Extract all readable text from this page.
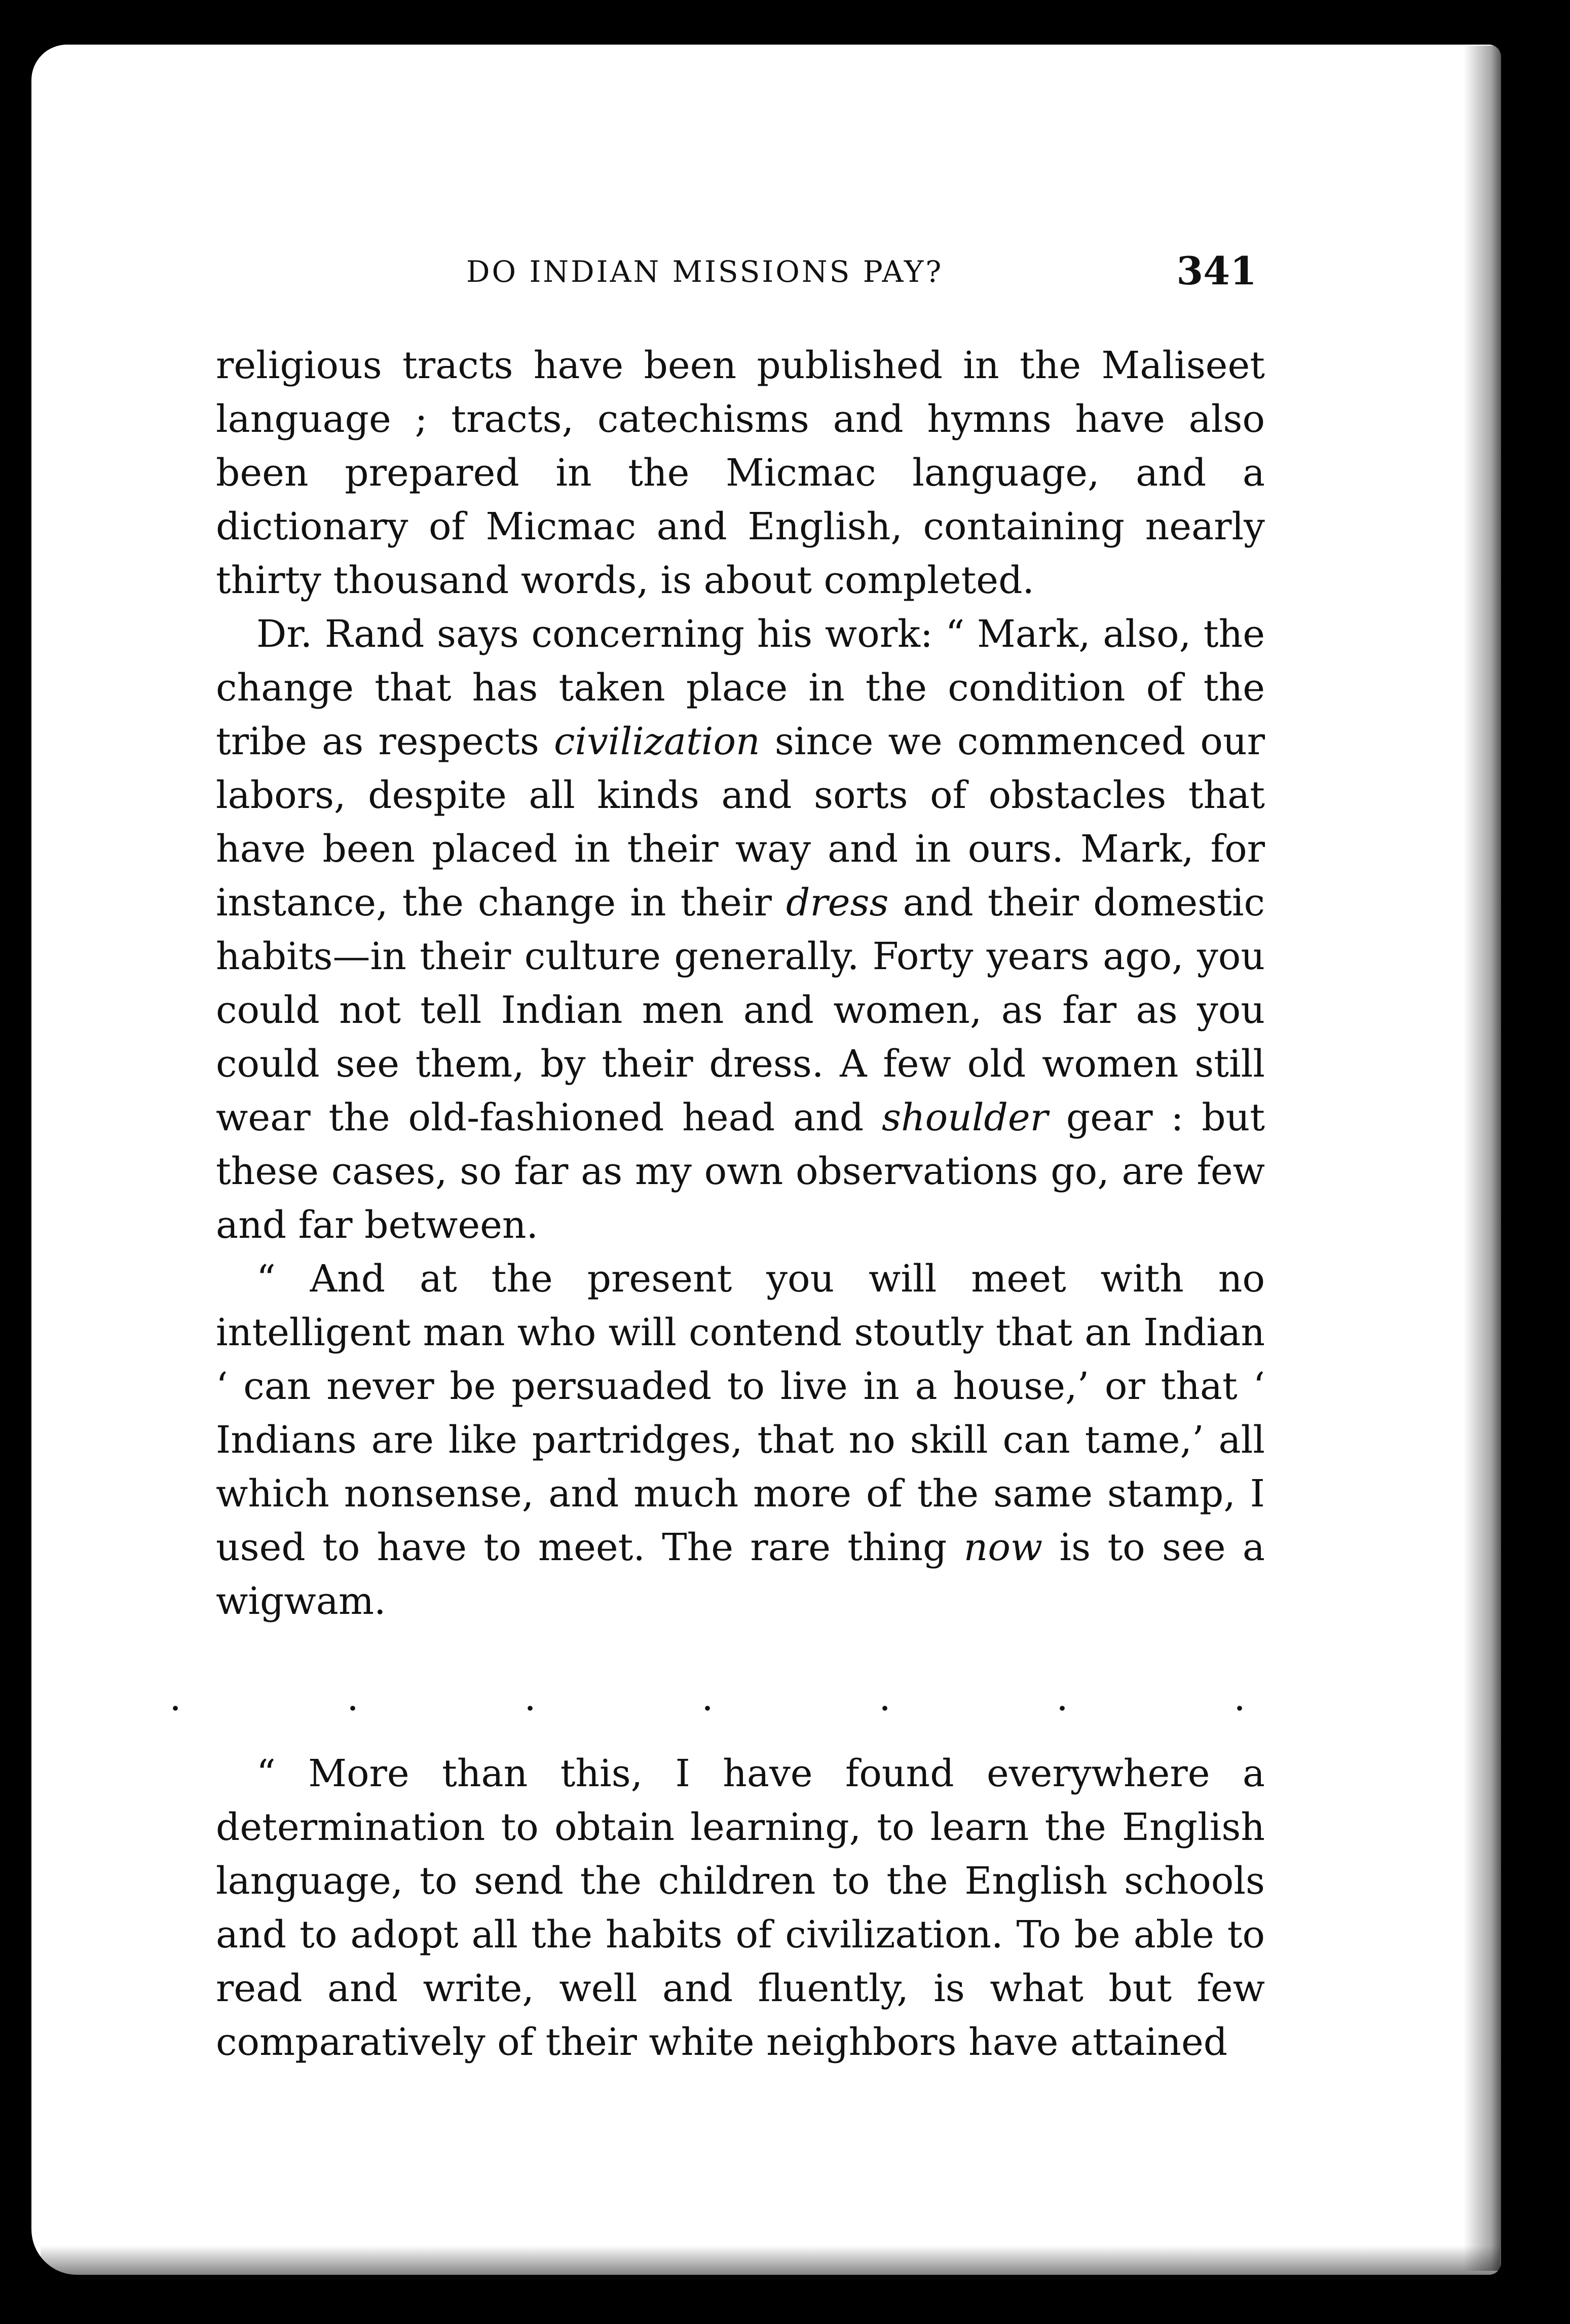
DO INDIAN MISSIONS PAY?	341

religious tracts have been published in the Maliseet language ; tracts, catechisms and hymns have also been prepared in the Micmac language, and a dictionary of Micmac and English, containing nearly thirty thousand words, is about completed.

Dr. Rand says concerning his work: “ Mark, also, the change that has taken place in the condition of the tribe as respects civilization since we commenced our labors, despite all kinds and sorts of obstacles that have been placed in their way and in ours. Mark, for instance, the change in their dress and their domestic habits—in their culture generally. Forty years ago, you could not tell Indian men and women, as far as you could see them, by their dress. A few old women still wear the old-fashioned head and shoulder gear : but these cases, so far as my own observations go, are few and far between.

“ And at the present you will meet with no intelligent man who will contend stoutly that an Indian ‘ can never be persuaded to live in a house,’ or that ‘ Indians are like partridges, that no skill can tame,’ all which nonsense, and much more of the same stamp, I used to have to meet. The rare thing now is to see a wigwam.

.	.	.	.	.	.	.

“ More than this, I have found everywhere a determination to obtain learning, to learn the English language, to send the children to the English schools and to adopt all the habits of civilization. To be able to read and write, well and fluently, is what but few comparatively of their white neighbors have attained
